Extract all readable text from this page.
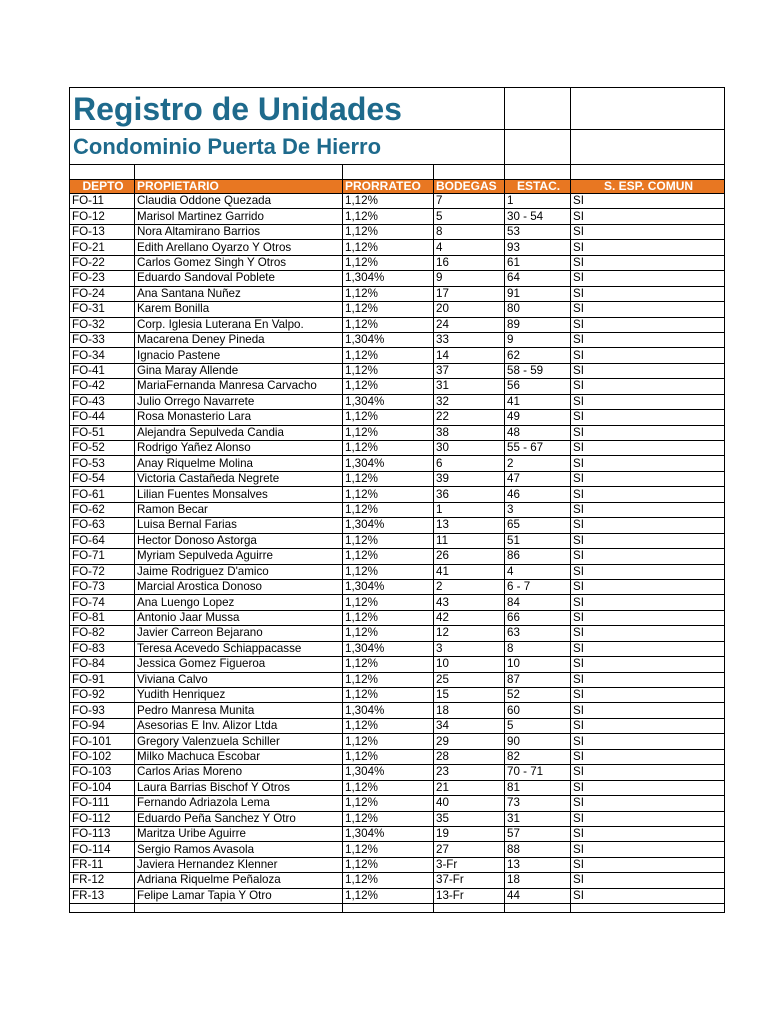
Registro de Unidades					
Condominio Puerta De Hierro					

DEPTO	PROPIETARIO	PRORRATEO	BODEGAS	ESTAC.	S. ESP. COMUN
FO-11	Claudia Oddone Quezada	1,12%	7	1	SI
FO-12	Marisol Martinez Garrido	1,12%	5	30 - 54	SI
FO-13	Nora Altamirano Barrios	1,12%	8	53	SI
FO-21	Edith Arellano Oyarzo Y Otros	1,12%	4	93	SI
FO-22	Carlos Gomez Singh Y Otros	1,12%	16	61	SI
FO-23	Eduardo Sandoval Poblete	1,304%	9	64	SI
FO-24	Ana Santana Nuñez	1,12%	17	91	SI
FO-31	Karem Bonilla	1,12%	20	80	SI
FO-32	Corp. Iglesia Luterana En Valpo.	1,12%	24	89	SI
FO-33	Macarena Deney Pineda	1,304%	33	9	SI
FO-34	Ignacio Pastene	1,12%	14	62	SI
FO-41	Gina Maray Allende	1,12%	37	58 - 59	SI
FO-42	MariaFernanda Manresa Carvacho	1,12%	31	56	SI
FO-43	Julio Orrego Navarrete	1,304%	32	41	SI
FO-44	Rosa Monasterio Lara	1,12%	22	49	SI
FO-51	Alejandra Sepulveda Candia	1,12%	38	48	SI
FO-52	Rodrigo Yañez Alonso	1,12%	30	55 - 67	SI
FO-53	Anay Riquelme Molina	1,304%	6	2	SI
FO-54	Victoria Castañeda Negrete	1,12%	39	47	SI
FO-61	Lilian Fuentes Monsalves	1,12%	36	46	SI
FO-62	Ramon Becar	1,12%	1	3	SI
FO-63	Luisa Bernal Farias	1,304%	13	65	SI
FO-64	Hector Donoso Astorga	1,12%	11	51	SI
FO-71	Myriam Sepulveda Aguirre	1,12%	26	86	SI
FO-72	Jaime Rodriguez D'amico	1,12%	41	4	SI
FO-73	Marcial Arostica Donoso	1,304%	2	6 - 7	SI
FO-74	Ana Luengo Lopez	1,12%	43	84	SI
FO-81	Antonio Jaar Mussa	1,12%	42	66	SI
FO-82	Javier Carreon Bejarano	1,12%	12	63	SI
FO-83	Teresa Acevedo Schiappacasse	1,304%	3	8	SI
FO-84	Jessica Gomez Figueroa	1,12%	10	10	SI
FO-91	Viviana Calvo	1,12%	25	87	SI
FO-92	Yudith Henriquez	1,12%	15	52	SI
FO-93	Pedro Manresa Munita	1,304%	18	60	SI
FO-94	Asesorias E Inv. Alizor Ltda	1,12%	34	5	SI
FO-101	Gregory Valenzuela Schiller	1,12%	29	90	SI
FO-102	Milko Machuca Escobar	1,12%	28	82	SI
FO-103	Carlos Arias Moreno	1,304%	23	70 - 71	SI
FO-104	Laura Barrias Bischof Y Otros	1,12%	21	81	SI
FO-111	Fernando Adriazola Lema	1,12%	40	73	SI
FO-112	Eduardo Peña Sanchez Y Otro	1,12%	35	31	SI
FO-113	Maritza Uribe Aguirre	1,304%	19	57	SI
FO-114	Sergio Ramos Avasola	1,12%	27	88	SI
FR-11	Javiera Hernandez Klenner	1,12%	3-Fr	13	SI
FR-12	Adriana Riquelme Peñaloza	1,12%	37-Fr	18	SI
FR-13	Felipe Lamar Tapia Y Otro	1,12%	13-Fr	44	SI
